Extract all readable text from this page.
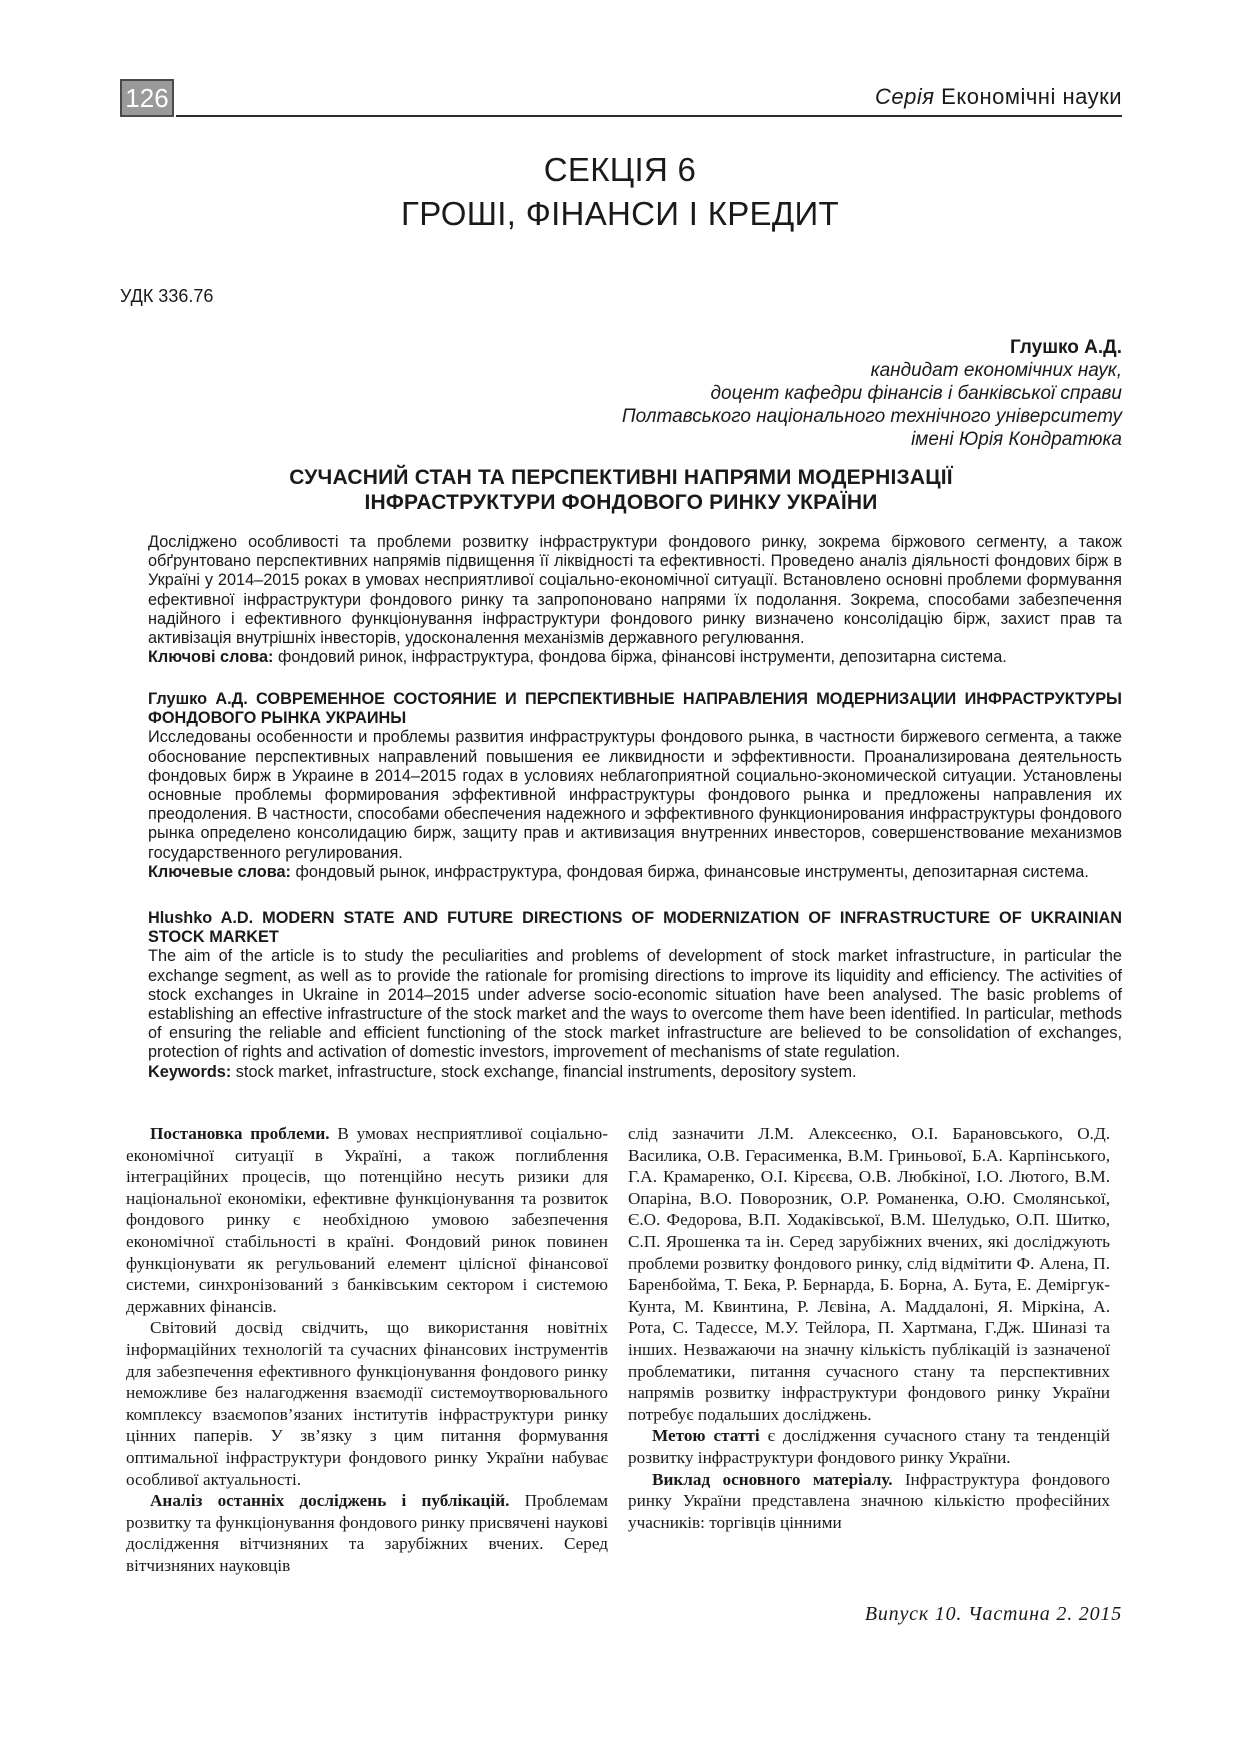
126	Серія Економічні науки
СЕКЦІЯ 6
ГРОШІ, ФІНАНСИ І КРЕДИТ
УДК 336.76
Глушко А.Д.
кандидат економічних наук,
доцент кафедри фінансів і банківської справи
Полтавського національного технічного університету
імені Юрія Кондратюка
СУЧАСНИЙ СТАН ТА ПЕРСПЕКТИВНІ НАПРЯМИ МОДЕРНІЗАЦІЇ
ІНФРАСТРУКТУРИ ФОНДОВОГО РИНКУ УКРАЇНИ

Досліджено особливості та проблеми розвитку інфраструктури фондового ринку, зокрема біржового сегменту, а також обґрунтовано перспективних напрямів підвищення її ліквідності та ефективності. Проведено аналіз діяльності фондових бірж в Україні у 2014–2015 роках в умовах несприятливої соціально-економічної ситуації. Встановлено основні проблеми формування ефективної інфраструктури фондового ринку та запропоновано напрями їх подолання. Зокрема, способами забезпечення надійного і ефективного функціонування інфраструктури фондового ринку визначено консолідацію бірж, захист прав та активізація внутрішніх інвесторів, удосконалення механізмів державного регулювання.

Ключові слова: фондовий ринок, інфраструктура, фондова біржа, фінансові інструменти, депозитарна система.

Глушко А.Д. СОВРЕМЕННОЕ СОСТОЯНИЕ И ПЕРСПЕКТИВНЫЕ НАПРАВЛЕНИЯ МОДЕРНИЗАЦИИ ИНФРАСТРУКТУРЫ ФОНДОВОГО РЫНКА УКРАИНЫ

Исследованы особенности и проблемы развития инфраструктуры фондового рынка, в частности биржевого сегмента, а также обоснование перспективных направлений повышения ее ликвидности и эффективности. Проанализирована деятельность фондовых бирж в Украине в 2014–2015 годах в условиях неблагоприятной социально-экономической ситуации. Установлены основные проблемы формирования эффективной инфраструктуры фондового рынка и предложены направления их преодоления. В частности, способами обеспечения надежного и эффективного функционирования инфраструктуры фондового рынка определено консолидацию бирж, защиту прав и активизация внутренних инвесторов, совершенствование механизмов государственного регулирования.

Ключевые слова: фондовый рынок, инфраструктура, фондовая биржа, финансовые инструменты, депозитарная система.

Hlushko A.D. MODERN STATE AND FUTURE DIRECTIONS OF MODERNIZATION OF INFRASTRUCTURE OF UKRAINIAN STOCK MARKET

The aim of the article is to study the peculiarities and problems of development of stock market infrastructure, in particular the exchange segment, as well as to provide the rationale for promising directions to improve its liquidity and efficiency. The activities of stock exchanges in Ukraine in 2014–2015 under adverse socio-economic situation have been analysed. The basic problems of establishing an effective infrastructure of the stock market and the ways to overcome them have been identified. In particular, methods of ensuring the reliable and efficient functioning of the stock market infrastructure are believed to be consolidation of exchanges, protection of rights and activation of domestic investors, improvement of mechanisms of state regulation.

Keywords: stock market, infrastructure, stock exchange, financial instruments, depository system.

Постановка проблеми. В умовах несприятливої соціально-економічної ситуації в Україні, а також поглиблення інтеграційних процесів, що потенційно несуть ризики для національної економіки, ефективне функціонування та розвиток фондового ринку є необхідною умовою забезпечення економічної стабільності в країні. Фондовий ринок повинен функціонувати як регульований елемент цілісної фінансової системи, синхронізований з банківським сектором і системою державних фінансів.

Світовий досвід свідчить, що використання новітніх інформаційних технологій та сучасних фінансових інструментів для забезпечення ефективного функціонування фондового ринку неможливе без налагодження взаємодії системоутворювального комплексу взаємопов’язаних інститутів інфраструктури ринку цінних паперів. У зв’язку з цим питання формування оптимальної інфраструктури фондового ринку України набуває особливої актуальності.

Аналіз останніх досліджень і публікацій. Проблемам розвитку та функціонування фондового ринку присвячені наукові дослідження вітчизняних та зарубіжних вчених. Серед вітчизняних науковців

слід зазначити Л.М. Алексеєнко, О.І. Барановського, О.Д. Василика, О.В. Герасименка, В.М. Гриньової, Б.А. Карпінського, Г.А. Крамаренко, О.І. Кірєєва, О.В. Любкіної, І.О. Лютого, В.М. Опаріна, В.О. Поворозник, О.Р. Романенка, О.Ю. Смолянської, Є.О. Федорова, В.П. Ходаківської, В.М. Шелудько, О.П. Шитко, С.П. Ярошенка та ін. Серед зарубіжних вчених, які досліджують проблеми розвитку фондового ринку, слід відмітити Ф. Алена, П. Баренбойма, Т. Бека, Р. Бернарда, Б. Борна, А. Бута, Е. Деміргук-Кунта, М. Квинтина, Р. Лєвіна, А. Маддалоні, Я. Міркіна, А. Рота, С. Тадессе, М.У. Тейлора, П. Хартмана, Г.Дж. Шиназі та інших. Незважаючи на значну кількість публікацій із зазначеної проблематики, питання сучасного стану та перспективних напрямів розвитку інфраструктури фондового ринку України потребує подальших досліджень.

Метою статті є дослідження сучасного стану та тенденцій розвитку інфраструктури фондового ринку України.

Виклад основного матеріалу. Інфраструктура фондового ринку України представлена значною кількістю професійних учасників: торгівців цінними

Випуск 10. Частина 2. 2015
